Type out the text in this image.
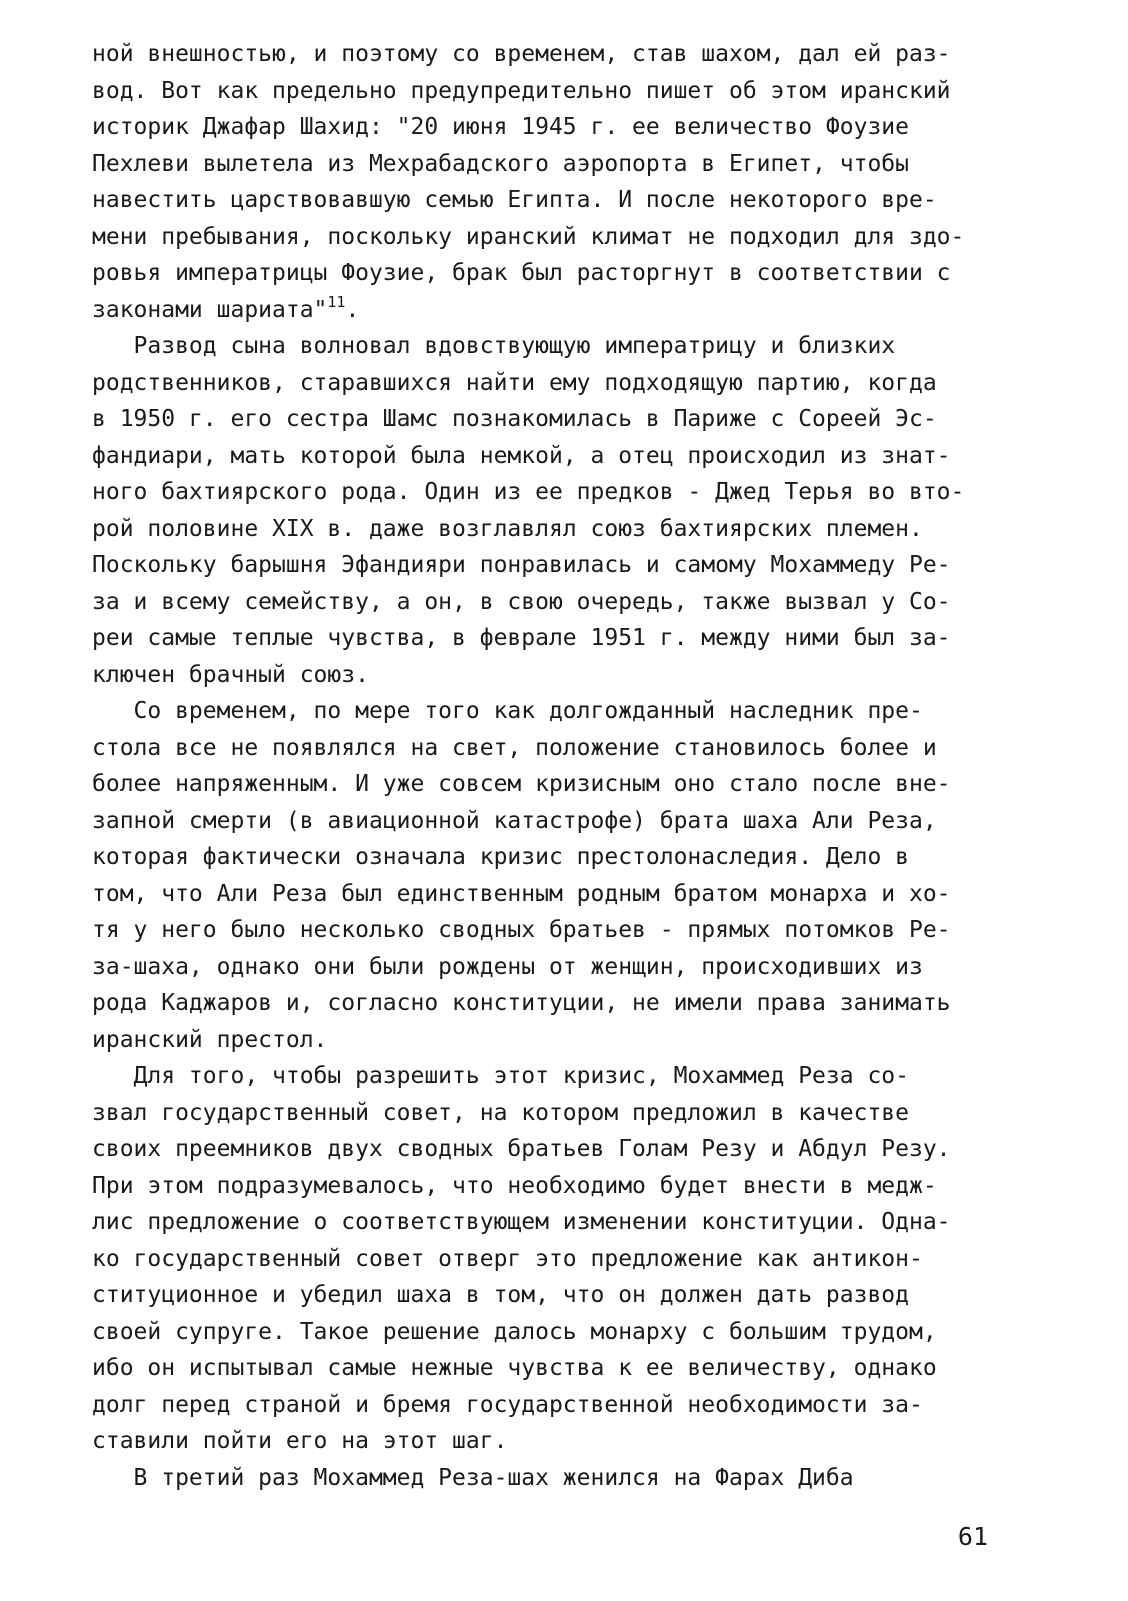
ной внешностью, и поэтому со временем, став шахом, дал ей раз-
вод. Вот как предельно предупредительно пишет об этом иранский
историк Джафар Шахид: "20 июня 1945 г. ее величество Фоузие
Пехлеви вылетела из Мехрабадского аэропорта в Египет, чтобы
навестить царствовавшую семью Египта. И после некоторого вре-
мени пребывания, поскольку иранский климат не подходил для здо-
ровья императрицы Фоузие, брак был расторгнут в соответствии с
законами шариата"$^{11}$.
Развод сына волновал вдовствующую императрицу и близких
родственников, старавшихся найти ему подходящую партию, когда
в 1950 г. его сестра Шамс познакомилась в Париже с Сореей Эс-
фандиари, мать которой была немкой, а отец происходил из знат-
ного бахтиярского рода. Один из ее предков - Джед Терья во вто-
рой половине XIX в. даже возглавлял союз бахтиярских племен.
Поскольку барышня Эфандияри понравилась и самому Мохаммеду Ре-
за и всему семейству, а он, в свою очередь, также вызвал у Со-
реи самые теплые чувства, в феврале 1951 г. между ними был за-
ключен брачный союз.
Со временем, по мере того как долгожданный наследник пре-
стола все не появлялся на свет, положение становилось более и
более напряженным. И уже совсем кризисным оно стало после вне-
запной смерти (в авиационной катастрофе) брата шаха Али Реза,
которая фактически означала кризис престолонаследия. Дело в
том, что Али Реза был единственным родным братом монарха и хо-
тя у него было несколько сводных братьев - прямых потомков Ре-
за-шаха, однако они были рождены от женщин, происходивших из
рода Каджаров и, согласно конституции, не имели права занимать
иранский престол.
Для того, чтобы разрешить этот кризис, Мохаммед Реза со-
звал государственный совет, на котором предложил в качестве
своих преемников двух сводных братьев Голам Резу и Абдул Резу.
При этом подразумевалось, что необходимо будет внести в медж-
лис предложение о соответствующем изменении конституции. Одна-
ко государственный совет отверг это предложение как антикон-
ституционное и убедил шаха в том, что он должен дать развод
своей супруге. Такое решение далось монарху с большим трудом,
ибо он испытывал самые нежные чувства к ее величеству, однако
долг перед страной и бремя государственной необходимости за-
ставили пойти его на этот шаг.
В третий раз Мохаммед Реза-шах женился на Фарах Диба
61
